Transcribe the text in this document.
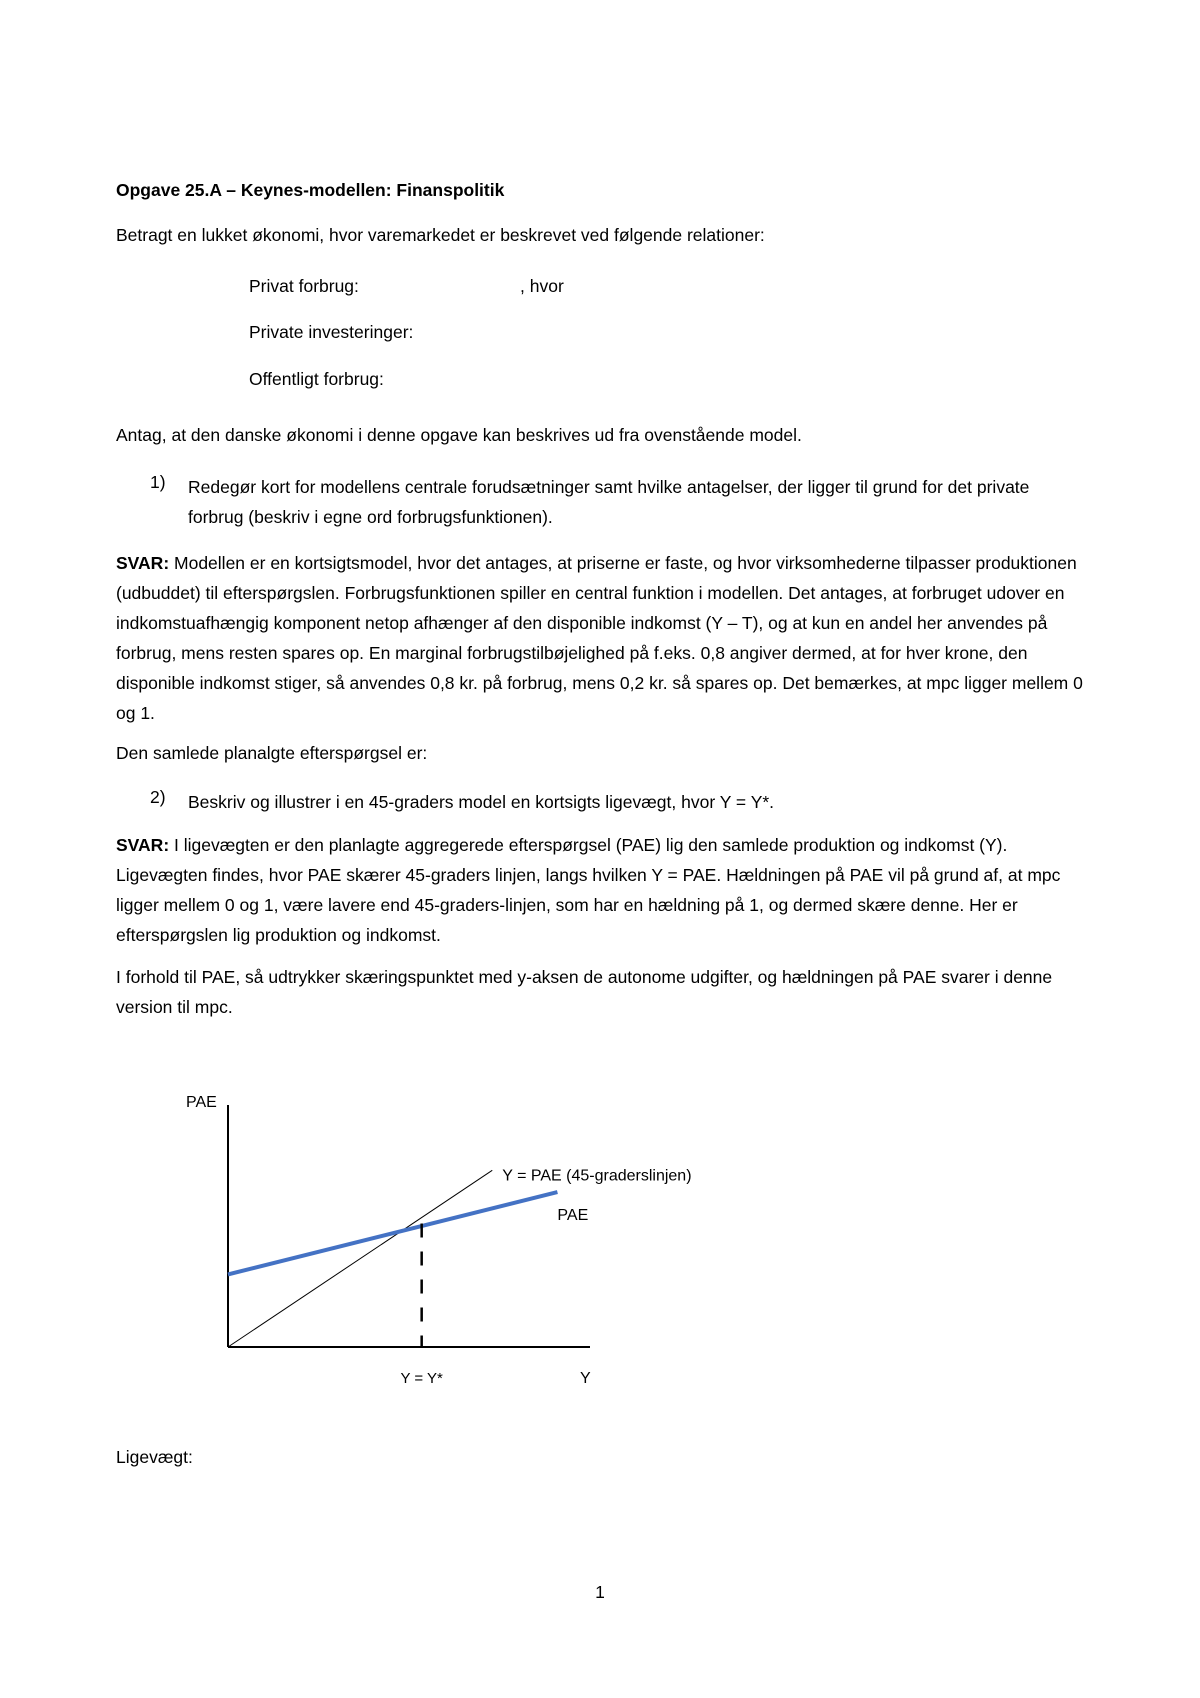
Opgave 25.A – Keynes-modellen: Finanspolitik

Betragt en lukket økonomi, hvor varemarkedet er beskrevet ved følgende relationer:

Privat forbrug:	, hvor
Private investeringer:
Offentligt forbrug:

Antag, at den danske økonomi i denne opgave kan beskrives ud fra ovenstående model.

1) Redegør kort for modellens centrale forudsætninger samt hvilke antagelser, der ligger til grund for det private forbrug (beskriv i egne ord forbrugsfunktionen).

SVAR: Modellen er en kortsigtsmodel, hvor det antages, at priserne er faste, og hvor virksomhederne tilpasser produktionen (udbuddet) til efterspørgslen. Forbrugsfunktionen spiller en central funktion i modellen. Det antages, at forbruget udover en indkomstuafhængig komponent netop afhænger af den disponible indkomst (Y – T), og at kun en andel her anvendes på forbrug, mens resten spares op. En marginal forbrugstilbøjelighed på f.eks. 0,8 angiver dermed, at for hver krone, den disponible indkomst stiger, så anvendes 0,8 kr. på forbrug, mens 0,2 kr. så spares op. Det bemærkes, at mpc ligger mellem 0 og 1.

Den samlede planalgte efterspørgsel er:

2) Beskriv og illustrer i en 45-graders model en kortsigts ligevægt, hvor Y = Y*.

SVAR: I ligevægten er den planlagte aggregerede efterspørgsel (PAE) lig den samlede produktion og indkomst (Y). Ligevægten findes, hvor PAE skærer 45-graders linjen, langs hvilken Y = PAE. Hældningen på PAE vil på grund af, at mpc ligger mellem 0 og 1, være lavere end 45-graders-linjen, som har en hældning på 1, og dermed skære denne. Her er efterspørgslen lig produktion og indkomst.

I forhold til PAE, så udtrykker skæringspunktet med y-aksen de autonome udgifter, og hældningen på PAE svarer i denne version til mpc.

PAE
Y
Y = PAE (45-graderslinjen)
PAE
Y = Y*

Ligevægt:

1
